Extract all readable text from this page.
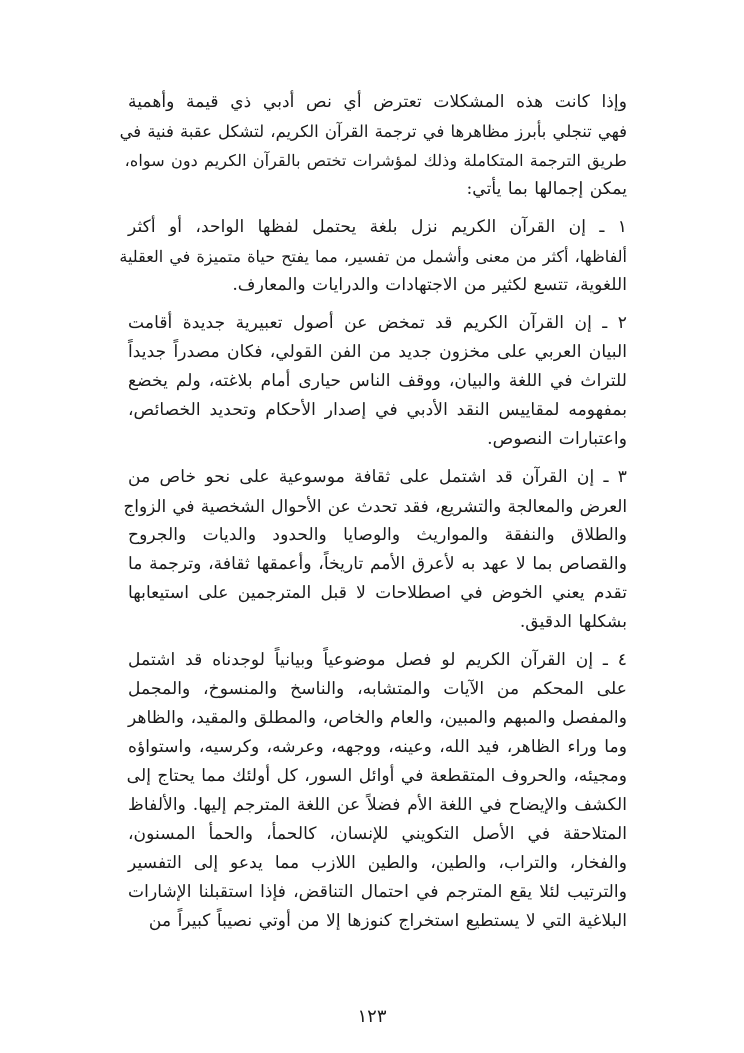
وإذا كانت هذه المشكلات تعترض أي نص أدبي ذي قيمة وأهمية
فهي تنجلي بأبرز مظاهرها في ترجمة القرآن الكريم، لتشكل عقبة فنية في
طريق الترجمة المتكاملة وذلك لمؤشرات تختص بالقرآن الكريم دون سواه،
يمكن إجمالها بما يأتي:

١ ـ إن القرآن الكريم نزل بلغة يحتمل لفظها الواحد، أو أكثر
ألفاظها، أكثر من معنى وأشمل من تفسير، مما يفتح حياة متميزة في العقلية
اللغوية، تتسع لكثير من الاجتهادات والدرايات والمعارف.

٢ ـ إن القرآن الكريم قد تمخض عن أصول تعبيرية جديدة أقامت
البيان العربي على مخزون جديد من الفن القولي، فكان مصدراً جديداً
للتراث في اللغة والبيان، ووقف الناس حيارى أمام بلاغته، ولم يخضع
بمفهومه لمقاييس النقد الأدبي في إصدار الأحكام وتحديد الخصائص،
واعتبارات النصوص.

٣ ـ إن القرآن قد اشتمل على ثقافة موسوعية على نحو خاص من
العرض والمعالجة والتشريع، فقد تحدث عن الأحوال الشخصية في الزواج
والطلاق والنفقة والمواريث والوصايا والحدود والديات والجروح
والقصاص بما لا عهد به لأعرق الأمم تاريخاً، وأعمقها ثقافة، وترجمة ما
تقدم يعني الخوض في اصطلاحات لا قبل المترجمين على استيعابها
بشكلها الدقيق.

٤ ـ إن القرآن الكريم لو فصل موضوعياً وبيانياً لوجدناه قد اشتمل
على المحكم من الآيات والمتشابه، والناسخ والمنسوخ، والمجمل
والمفصل والمبهم والمبين، والعام والخاص، والمطلق والمقيد، والظاهر
وما وراء الظاهر، فيد الله، وعينه، ووجهه، وعرشه، وكرسيه، واستواؤه
ومجيئه، والحروف المتقطعة في أوائل السور، كل أولئك مما يحتاج إلى
الكشف والإيضاح في اللغة الأم فضلاً عن اللغة المترجم إليها. والألفاظ
المتلاحقة في الأصل التكويني للإنسان، كالحمأ، والحمأ المسنون،
والفخار، والتراب، والطين، والطين اللازب مما يدعو إلى التفسير
والترتيب لئلا يقع المترجم في احتمال التناقض، فإذا استقبلنا الإشارات
البلاغية التي لا يستطيع استخراج كنوزها إلا من أوتي نصيباً كبيراً من

١٢٣
